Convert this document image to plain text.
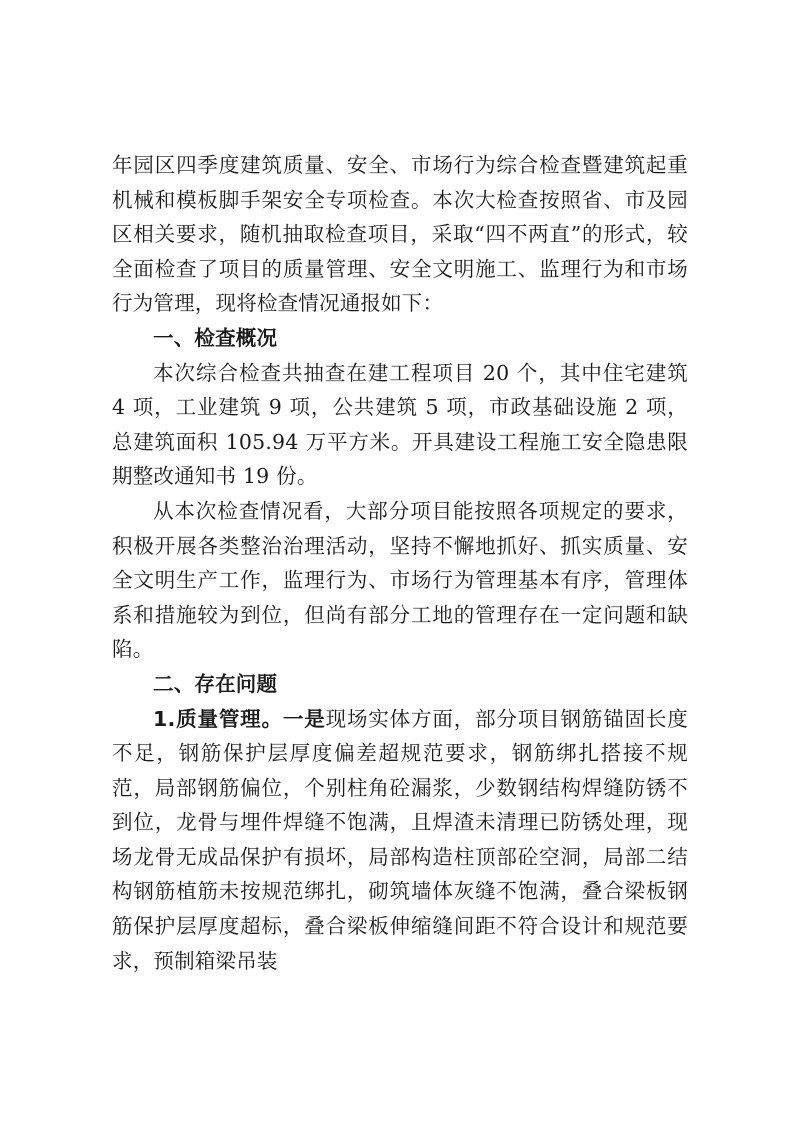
年园区四季度建筑质量、安全、市场行为综合检查暨建筑起重机械和模板脚手架安全专项检查。本次大检查按照省、市及园区相关要求，随机抽取检查项目，采取“四不两直”的形式，较全面检查了项目的质量管理、安全文明施工、监理行为和市场行为管理，现将检查情况通报如下：

一、检查概况

本次综合检查共抽查在建工程项目 20 个，其中住宅建筑 4 项，工业建筑 9 项，公共建筑 5 项，市政基础设施 2 项，总建筑面积 105.94 万平方米。开具建设工程施工安全隐患限期整改通知书 19 份。

从本次检查情况看，大部分项目能按照各项规定的要求，积极开展各类整治治理活动，坚持不懈地抓好、抓实质量、安全文明生产工作，监理行为、市场行为管理基本有序，管理体系和措施较为到位，但尚有部分工地的管理存在一定问题和缺陷。

二、存在问题

1.质量管理。一是现场实体方面，部分项目钢筋锚固长度不足，钢筋保护层厚度偏差超规范要求，钢筋绑扎搭接不规范，局部钢筋偏位，个别柱角砼漏浆，少数钢结构焊缝防锈不到位，龙骨与埋件焊缝不饱满，且焊渣未清理已防锈处理，现场龙骨无成品保护有损坏，局部构造柱顶部砼空洞，局部二结构钢筋植筋未按规范绑扎，砌筑墙体灰缝不饱满，叠合梁板钢筋保护层厚度超标，叠合梁板伸缩缝间距不符合设计和规范要求，预制箱梁吊装
